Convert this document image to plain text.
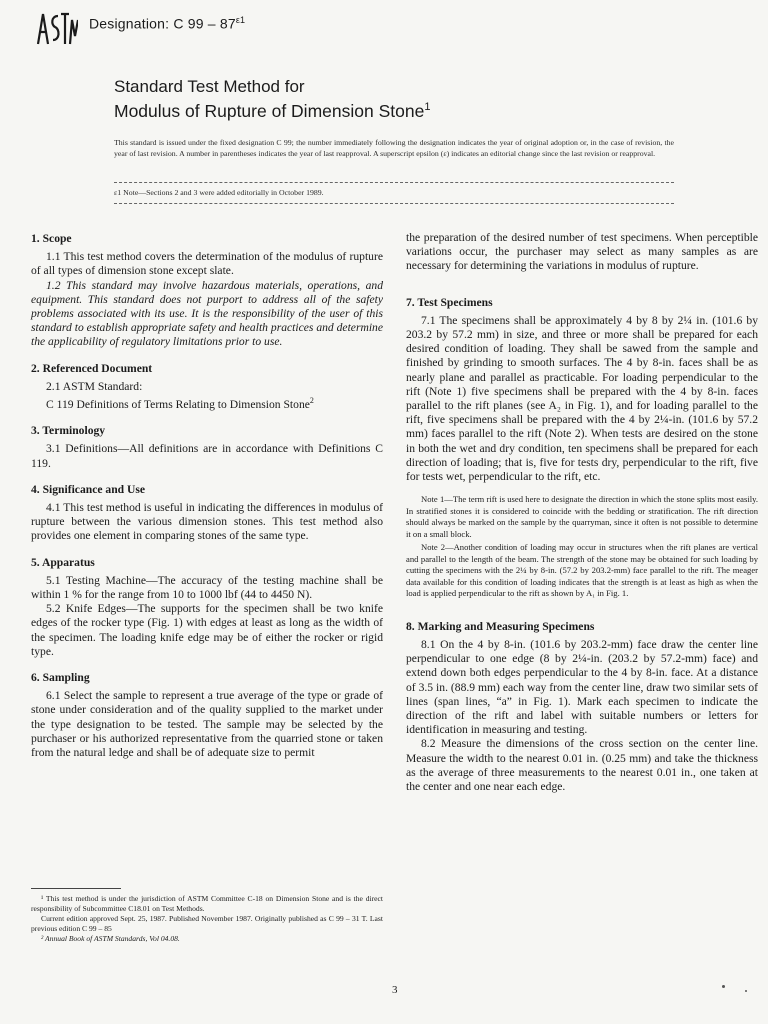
Designation: C $99 - 87^{\varepsilon 1}$
Standard Test Method for
Modulus of Rupture of Dimension Stone$^1$
This standard is issued under the fixed designation C 99; the number immediately following the designation indicates the year of original adoption or, in the case of revision, the year of last revision. A number in parentheses indicates the year of last reapproval. A superscript epsilon (ε) indicates an editorial change since the last revision or reapproval.
ε1 Note—Sections 2 and 3 were added editorially in October 1989.
1. Scope

1.1 This test method covers the determination of the modulus of rupture of all types of dimension stone except slate.

1.2 This standard may involve hazardous materials, operations, and equipment. This standard does not purport to address all of the safety problems associated with its use. It is the responsibility of the user of this standard to establish appropriate safety and health practices and determine the applicability of regulatory limitations prior to use.

2. Referenced Document

2.1 ASTM Standard:

C 119 Definitions of Terms Relating to Dimension Stone$^2$

3. Terminology

3.1 Definitions—All definitions are in accordance with Definitions C 119.

4. Significance and Use

4.1 This test method is useful in indicating the differences in modulus of rupture between the various dimension stones. This test method also provides one element in comparing stones of the same type.

5. Apparatus

5.1 Testing Machine—The accuracy of the testing machine shall be within 1 % for the range from 10 to 1000 lbf (44 to 4450 N).

5.2 Knife Edges—The supports for the specimen shall be two knife edges of the rocker type (Fig. 1) with edges at least as long as the width of the specimen. The loading knife edge may be of either the rocker or rigid type.

6. Sampling

6.1 Select the sample to represent a true average of the type or grade of stone under consideration and of the quality supplied to the market under the type designation to be tested. The sample may be selected by the purchaser or his authorized representative from the quarried stone or taken from the natural ledge and shall be of adequate size to permit

¹ This test method is under the jurisdiction of ASTM Committee C-18 on Dimension Stone and is the direct responsibility of Subcommittee C18.01 on Test Methods.

Current edition approved Sept. 25, 1987. Published November 1987. Originally published as C 99 – 31 T. Last previous edition C 99 – 85

² Annual Book of ASTM Standards, Vol 04.08.

the preparation of the desired number of test specimens. When perceptible variations occur, the purchaser may select as many samples as are necessary for determining the variations in modulus of rupture.

7. Test Specimens

7.1 The specimens shall be approximately 4 by 8 by 2¼ in. (101.6 by 203.2 by 57.2 mm) in size, and three or more shall be prepared for each desired condition of loading. They shall be sawed from the sample and finished by grinding to smooth surfaces. The 4 by 8-in. faces shall be as nearly plane and parallel as practicable. For loading perpendicular to the rift (Note 1) five specimens shall be prepared with the 4 by 8-in. faces parallel to the rift planes (see A₂ in Fig. 1), and for loading parallel to the rift, five specimens shall be prepared with the 4 by 2¼-in. (101.6 by 57.2 mm) faces parallel to the rift (Note 2). When tests are desired on the stone in both the wet and dry condition, ten specimens shall be prepared for each direction of loading; that is, five for tests dry, perpendicular to the rift, five for tests wet, perpendicular to the rift, etc.

Note 1—The term rift is used here to designate the direction in which the stone splits most easily. In stratified stones it is considered to coincide with the bedding or stratification. The rift direction should always be marked on the sample by the quarryman, since it often is not possible to determine it on a small block.

Note 2—Another condition of loading may occur in structures when the rift planes are vertical and parallel to the length of the beam. The strength of the stone may be obtained for such loading by cutting the specimens with the 2¼ by 8-in. (57.2 by 203.2-mm) face parallel to the rift. The meager data available for this condition of loading indicates that the strength is at least as high as when the load is applied perpendicular to the rift as shown by A₁ in Fig. 1.

8. Marking and Measuring Specimens

8.1 On the 4 by 8-in. (101.6 by 203.2-mm) face draw the center line perpendicular to one edge (8 by 2¼-in. (203.2 by 57.2-mm) face) and extend down both edges perpendicular to the 4 by 8-in. face. At a distance of 3.5 in. (88.9 mm) each way from the center line, draw two similar sets of lines (span lines, “a” in Fig. 1). Mark each specimen to indicate the direction of the rift and label with suitable numbers or letters for identification in measuring and testing.

8.2 Measure the dimensions of the cross section on the center line. Measure the width to the nearest 0.01 in. (0.25 mm) and take the thickness as the average of three measurements to the nearest 0.01 in., one taken at the center and one near each edge.

3
